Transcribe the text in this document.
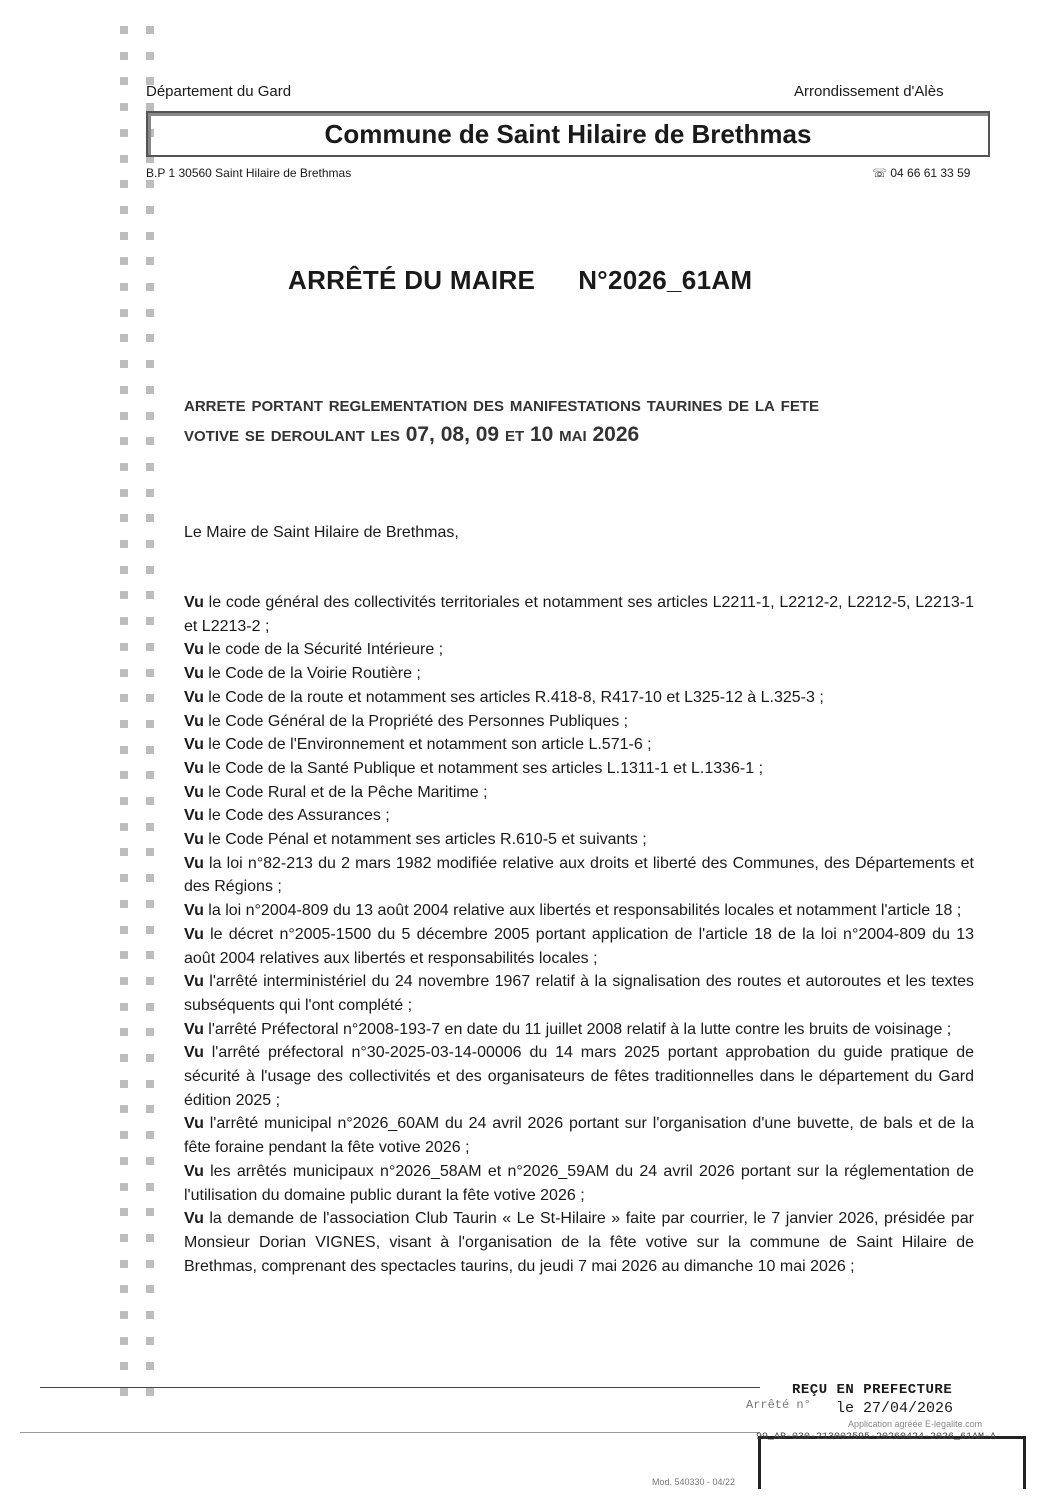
Département du Gard	Arrondissement d'Alès
Commune de Saint Hilaire de Brethmas
B.P 1 30560 Saint Hilaire de Brethmas	☏ 04 66 61 33 59
ARRÊTÉ DU MAIRE N°2026_61AM
arrete portant reglementation des manifestations taurines de la fete
votive se deroulant les 07, 08, 09 et 10 mai 2026
Le Maire de Saint Hilaire de Brethmas,
Vu le code général des collectivités territoriales et notamment ses articles L2211-1, L2212-2, L2212-5, L2213-1 et L2213-2 ;
Vu le code de la Sécurité Intérieure ;
Vu le Code de la Voirie Routière ;
Vu le Code de la route et notamment ses articles R.418-8, R417-10 et L325-12 à L.325-3 ;
Vu le Code Général de la Propriété des Personnes Publiques ;
Vu le Code de l'Environnement et notamment son article L.571-6 ;
Vu le Code de la Santé Publique et notamment ses articles L.1311-1 et L.1336-1 ;
Vu le Code Rural et de la Pêche Maritime ;
Vu le Code des Assurances ;
Vu le Code Pénal et notamment ses articles R.610-5 et suivants ;
Vu la loi n°82-213 du 2 mars 1982 modifiée relative aux droits et liberté des Communes, des Départements et des Régions ;
Vu la loi n°2004-809 du 13 août 2004 relative aux libertés et responsabilités locales et notamment l'article 18 ;
Vu le décret n°2005-1500 du 5 décembre 2005 portant application de l'article 18 de la loi n°2004-809 du 13 août 2004 relatives aux libertés et responsabilités locales ;
Vu l'arrêté interministériel du 24 novembre 1967 relatif à la signalisation des routes et autoroutes et les textes subséquents qui l'ont complété ;
Vu l'arrêté Préfectoral n°2008-193-7 en date du 11 juillet 2008 relatif à la lutte contre les bruits de voisinage ;
Vu l'arrêté préfectoral n°30-2025-03-14-00006 du 14 mars 2025 portant approbation du guide pratique de sécurité à l'usage des collectivités et des organisateurs de fêtes traditionnelles dans le département du Gard édition 2025 ;
Vu l'arrêté municipal n°2026_60AM du 24 avril 2026 portant sur l'organisation d'une buvette, de bals et de la fête foraine pendant la fête votive 2026 ;
Vu les arrêtés municipaux n°2026_58AM et n°2026_59AM du 24 avril 2026 portant sur la réglementation de l'utilisation du domaine public durant la fête votive 2026 ;
Vu la demande de l'association Club Taurin « Le St-Hilaire » faite par courrier, le 7 janvier 2026, présidée par Monsieur Dorian VIGNES, visant à l'organisation de la fête votive sur la commune de Saint Hilaire de Brethmas, comprenant des spectacles taurins, du jeudi 7 mai 2026 au dimanche 10 mai 2026 ;
REÇU EN PREFECTURE
Arrêté n° le 27/04/2026
Application agréée E-legalite.com
99_AR-030-213002595-20260424-2026_61AM-A
Mod. 540330 - 04/22
